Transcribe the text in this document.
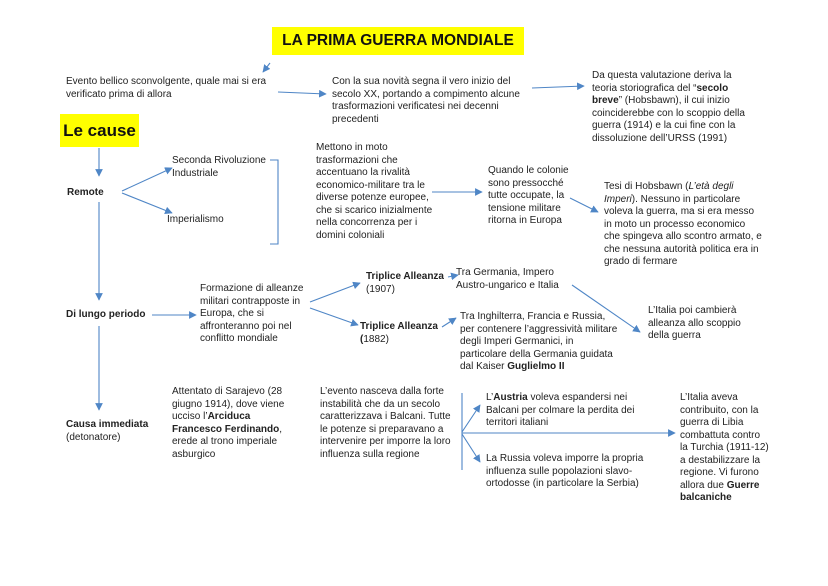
LA PRIMA GUERRA MONDIALE

Evento bellico sconvolgente, quale mai si era verificato prima di allora

Con la sua novità segna il vero inizio del secolo XX, portando a compimento alcune trasformazioni verificatesi nei decenni precedenti

Da questa valutazione deriva la teoria storiografica del “secolo breve” (Hobsbawn), il cui inizio coinciderebbe con lo scoppio della guerra (1914) e la cui fine con la dissoluzione dell’URSS (1991)

Le cause

Remote

Seconda Rivoluzione Industriale

Imperialismo

Mettono in moto trasformazioni che accentuano la rivalità economico-militare tra le diverse potenze europee, che si scarico inizialmente nella concorrenza per i domini coloniali

Quando le colonie sono pressocché tutte occupate, la tensione militare ritorna in Europa

Tesi di Hobsbawn (L’età degli Imperi). Nessuno in particolare voleva la guerra, ma si era messo in moto un processo economico che spingeva allo scontro armato, e che nessuna autorità politica era in grado di fermare

Di lungo periodo

Formazione di alleanze militari contrapposte in Europa, che si affronteranno poi nel conflitto mondiale

Triplice Alleanza
(1907)

Triplice Alleanza
(1882)

Tra Germania, Impero Austro-ungarico e Italia

Tra Inghilterra, Francia e Russia, per contenere l’aggressività militare degli Imperi Germanici, in particolare della Germania guidata dal Kaiser Guglielmo II

L’Italia poi cambierà alleanza allo scoppio della guerra

Causa immediata
(detonatore)

Attentato di Sarajevo (28 giugno 1914), dove viene ucciso l’Arciduca Francesco Ferdinando, erede al trono imperiale asburgico

L’evento nasceva dalla forte instabilità che da un secolo caratterizzava i Balcani. Tutte le potenze si preparavano a intervenire per imporre la loro influenza sulla regione

L’Austria voleva espandersi nei Balcani per colmare la perdita dei territori italiani

La Russia voleva imporre la propria influenza sulle popolazioni slavo-ortodosse (in particolare la Serbia)

L’Italia aveva contribuito, con la guerra di Libia combattuta contro la Turchia (1911-12) a destabilizzare la regione. Vi furono allora due Guerre balcaniche
